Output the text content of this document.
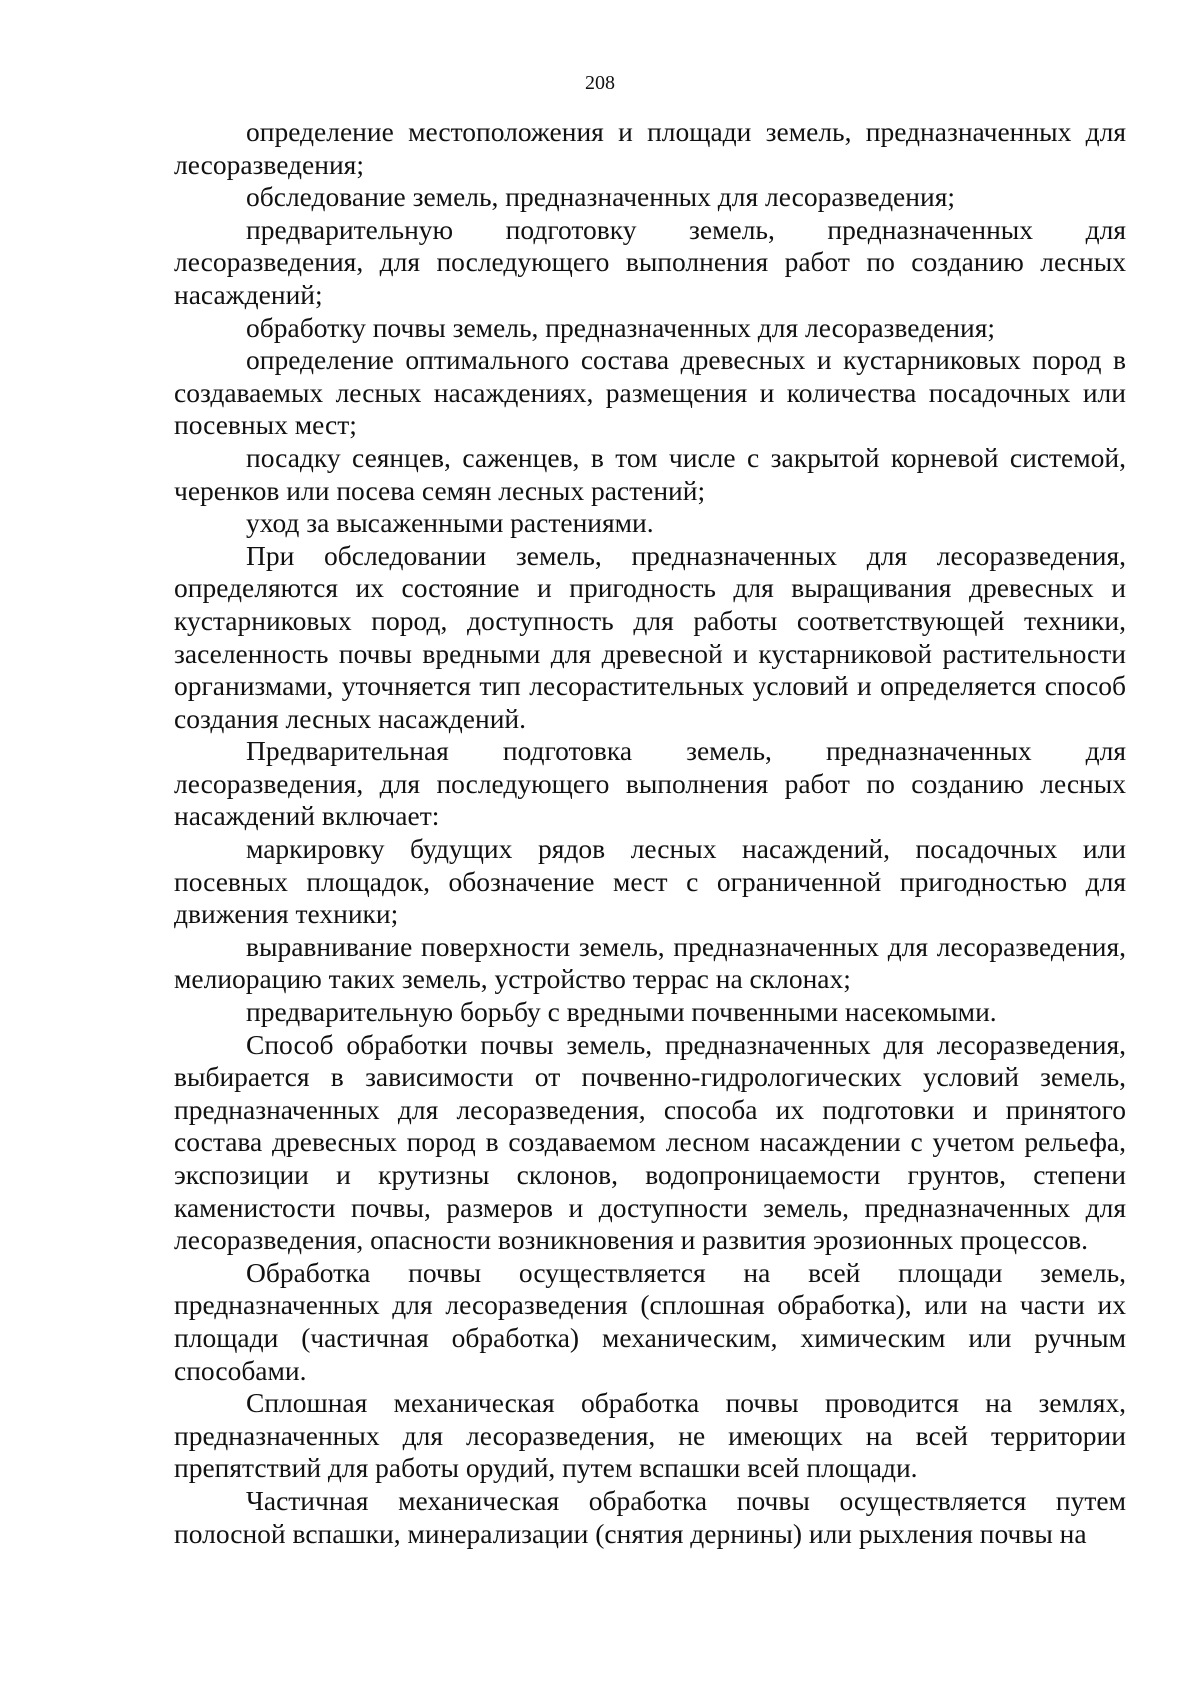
208

определение местоположения и площади земель, предназначенных для лесоразведения;

обследование земель, предназначенных для лесоразведения;

предварительную подготовку земель, предназначенных для лесоразведения, для последующего выполнения работ по созданию лесных насаждений;

обработку почвы земель, предназначенных для лесоразведения;

определение оптимального состава древесных и кустарниковых пород в создаваемых лесных насаждениях, размещения и количества посадочных или посевных мест;

посадку сеянцев, саженцев, в том числе с закрытой корневой системой, черенков или посева семян лесных растений;

уход за высаженными растениями.

При обследовании земель, предназначенных для лесоразведения, определяются их состояние и пригодность для выращивания древесных и кустарниковых пород, доступность для работы соответствующей техники, заселенность почвы вредными для древесной и кустарниковой растительности организмами, уточняется тип лесорастительных условий и определяется способ создания лесных насаждений.

Предварительная подготовка земель, предназначенных для лесоразведения, для последующего выполнения работ по созданию лесных насаждений включает:

маркировку будущих рядов лесных насаждений, посадочных или посевных площадок, обозначение мест с ограниченной пригодностью для движения техники;

выравнивание поверхности земель, предназначенных для лесоразведения, мелиорацию таких земель, устройство террас на склонах;

предварительную борьбу с вредными почвенными насекомыми.

Способ обработки почвы земель, предназначенных для лесоразведения, выбирается в зависимости от почвенно-гидрологических условий земель, предназначенных для лесоразведения, способа их подготовки и принятого состава древесных пород в создаваемом лесном насаждении с учетом рельефа, экспозиции и крутизны склонов, водопроницаемости грунтов, степени каменистости почвы, размеров и доступности земель, предназначенных для лесоразведения, опасности возникновения и развития эрозионных процессов.

Обработка почвы осуществляется на всей площади земель, предназначенных для лесоразведения (сплошная обработка), или на части их площади (частичная обработка) механическим, химическим или ручным способами.

Сплошная механическая обработка почвы проводится на землях, предназначенных для лесоразведения, не имеющих на всей территории препятствий для работы орудий, путем вспашки всей площади.

Частичная механическая обработка почвы осуществляется путем полосной вспашки, минерализации (снятия дернины) или рыхления почвы на
